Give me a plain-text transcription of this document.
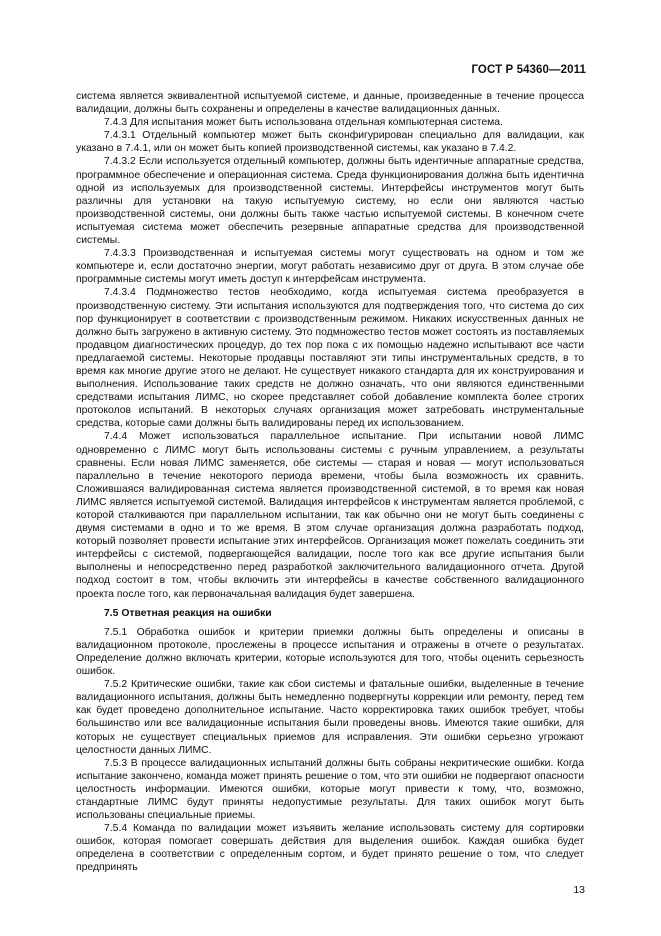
ГОСТ Р 54360—2011

система является эквивалентной испытуемой системе, и данные, произведенные в течение процесса валидации, должны быть сохранены и определены в качестве валидационных данных.

7.4.3 Для испытания может быть использована отдельная компьютерная система.

7.4.3.1 Отдельный компьютер может быть сконфигурирован специально для валидации, как указано в 7.4.1, или он может быть копией производственной системы, как указано в 7.4.2.

7.4.3.2 Если используется отдельный компьютер, должны быть идентичные аппаратные средства, программное обеспечение и операционная система. Среда функционирования должна быть идентична одной из используемых для производственной системы. Интерфейсы инструментов могут быть различны для установки на такую испытуемую систему, но если они являются частью производственной системы, они должны быть также частью испытуемой системы. В конечном счете испытуемая система может обеспечить резервные аппаратные средства для производственной системы.

7.4.3.3 Производственная и испытуемая системы могут существовать на одном и том же компьютере и, если достаточно энергии, могут работать независимо друг от друга. В этом случае обе программные системы могут иметь доступ к интерфейсам инструмента.

7.4.3.4 Подмножество тестов необходимо, когда испытуемая система преобразуется в производственную систему. Эти испытания используются для подтверждения того, что система до сих пор функционирует в соответствии с производственным режимом. Никаких искусственных данных не должно быть загружено в активную систему. Это подмножество тестов может состоять из поставляемых продавцом диагностических процедур, до тех пор пока с их помощью надежно испытывают все части предлагаемой системы. Некоторые продавцы поставляют эти типы инструментальных средств, в то время как многие другие этого не делают. Не существует никакого стандарта для их конструирования и выполнения. Использование таких средств не должно означать, что они являются единственными средствами испытания ЛИМС, но скорее представляет собой добавление комплекта более строгих протоколов испытаний. В некоторых случаях организация может затребовать инструментальные средства, которые сами должны быть валидированы перед их использованием.

7.4.4 Может использоваться параллельное испытание. При испытании новой ЛИМС одновременно с ЛИМС могут быть использованы системы с ручным управлением, а результаты сравнены. Если новая ЛИМС заменяется, обе системы — старая и новая — могут использоваться параллельно в течение некоторого периода времени, чтобы была возможность их сравнить. Сложившаяся валидированная система является производственной системой, в то время как новая ЛИМС является испытуемой системой. Валидация интерфейсов к инструментам является проблемой, с которой сталкиваются при параллельном испытании, так как обычно они не могут быть соединены с двумя системами в одно и то же время. В этом случае организация должна разработать подход, который позволяет провести испытание этих интерфейсов. Организация может пожелать соединить эти интерфейсы с системой, подвергающейся валидации, после того как все другие испытания были выполнены и непосредственно перед разработкой заключительного валидационного отчета. Другой подход состоит в том, чтобы включить эти интерфейсы в качестве собственного валидационного проекта после того, как первоначальная валидация будет завершена.

7.5 Ответная реакция на ошибки

7.5.1 Обработка ошибок и критерии приемки должны быть определены и описаны в валидационном протоколе, прослежены в процессе испытания и отражены в отчете о результатах. Определение должно включать критерии, которые используются для того, чтобы оценить серьезность ошибок.

7.5.2 Критические ошибки, такие как сбои системы и фатальные ошибки, выделенные в течение валидационного испытания, должны быть немедленно подвергнуты коррекции или ремонту, перед тем как будет проведено дополнительное испытание. Часто корректировка таких ошибок требует, чтобы большинство или все валидационные испытания были проведены вновь. Имеются такие ошибки, для которых не существует специальных приемов для исправления. Эти ошибки серьезно угрожают целостности данных ЛИМС.

7.5.3 В процессе валидационных испытаний должны быть собраны некритические ошибки. Когда испытание закончено, команда может принять решение о том, что эти ошибки не подвергают опасности целостность информации. Имеются ошибки, которые могут привести к тому, что, возможно, стандартные ЛИМС будут приняты недопустимые результаты. Для таких ошибок могут быть использованы специальные приемы.

7.5.4 Команда по валидации может изъявить желание использовать систему для сортировки ошибок, которая помогает совершать действия для выделения ошибок. Каждая ошибка будет определена в соответствии с определенным сортом, и будет принято решение о том, что следует предпринять

13
